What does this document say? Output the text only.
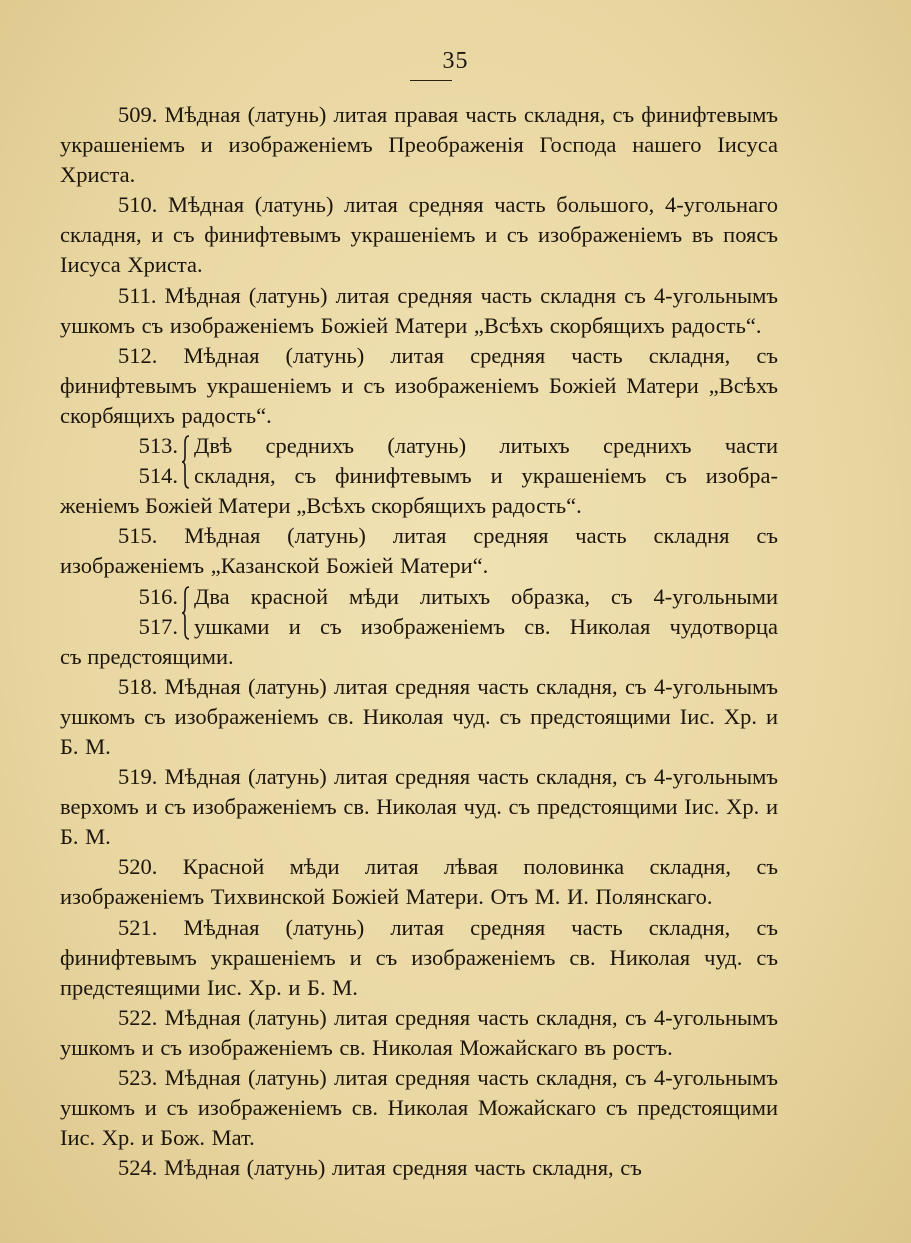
35

509. Мѣдная (латунь) литая правая часть складня, съ финифтевымъ украшеніемъ и изображеніемъ Преображенія Господа нашего Іисуса Христа.

510. Мѣдная (латунь) литая средняя часть большого, 4-угольнаго складня, и съ финифтевымъ украшеніемъ и съ изображеніемъ въ поясъ Іисуса Христа.

511. Мѣдная (латунь) литая средняя часть складня съ 4-угольнымъ ушкомъ съ изображеніемъ Божіей Матери „Всѣхъ скорбящихъ радость“.

512. Мѣдная (латунь) литая средняя часть складня, съ финифтевымъ украшеніемъ и съ изображеніемъ Божіей Матери „Всѣхъ скорбящихъ радость“.

513.
514.
Двѣ среднихъ (латунь) литыхъ среднихъ части
складня, съ финифтевымъ и украшеніемъ съ изобра-

женіемъ Божіей Матери „Всѣхъ скорбящихъ радость“.

515. Мѣдная (латунь) литая средняя часть складня съ изображеніемъ „Казанской Божіей Матери“.

516.
517.
Два красной мѣди литыхъ образка, съ 4-угольными
ушками и съ изображеніемъ св. Николая чудотворца

съ предстоящими.

518. Мѣдная (латунь) литая средняя часть складня, съ 4-угольнымъ ушкомъ съ изображеніемъ св. Николая чуд. съ предстоящими Іис. Хр. и Б. М.

519. Мѣдная (латунь) литая средняя часть складня, съ 4-угольнымъ верхомъ и съ изображеніемъ св. Николая чуд. съ предстоящими Іис. Хр. и Б. М.

520. Красной мѣди литая лѣвая половинка складня, съ изображеніемъ Тихвинской Божіей Матери. Отъ М. И. Полянскаго.

521. Мѣдная (латунь) литая средняя часть складня, съ финифтевымъ украшеніемъ и съ изображеніемъ св. Николая чуд. съ предстеящими Іис. Хр. и Б. М.

522. Мѣдная (латунь) литая средняя часть складня, съ 4-угольнымъ ушкомъ и съ изображеніемъ св. Николая Можайскаго въ ростъ.

523. Мѣдная (латунь) литая средняя часть складня, съ 4-угольнымъ ушкомъ и съ изображеніемъ св. Николая Можайскаго съ предстоящими Іис. Хр. и Бож. Мат.

524. Мѣдная (латунь) литая средняя часть складня, съ
